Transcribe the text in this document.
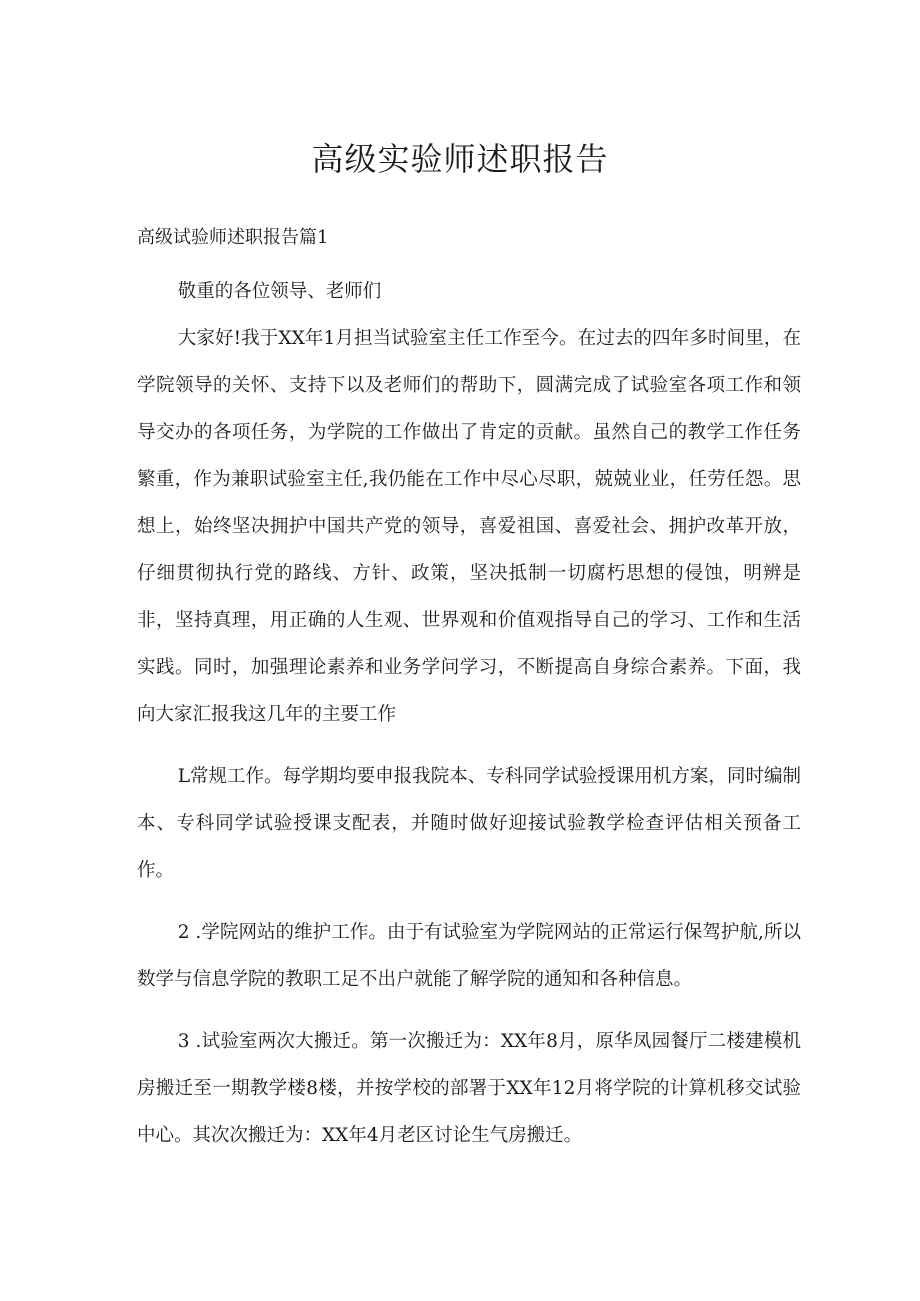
高级实验师述职报告
高级试验师述职报告篇1

敬重的各位领导、老师们

大家好!我于XX年1月担当试验室主任工作至今。在过去的四年多时间里，在学院领导的关怀、支持下以及老师们的帮助下，圆满完成了试验室各项工作和领导交办的各项任务，为学院的工作做出了肯定的贡献。虽然自己的教学工作任务繁重，作为兼职试验室主任,我仍能在工作中尽心尽职，兢兢业业，任劳任怨。思想上，始终坚决拥护中国共产党的领导，喜爱祖国、喜爱社会、拥护改革开放，仔细贯彻执行党的路线、方针、政策，坚决抵制一切腐朽思想的侵蚀，明辨是非，坚持真理，用正确的人生观、世界观和价值观指导自己的学习、工作和生活实践。同时，加强理论素养和业务学问学习，不断提高自身综合素养。下面，我向大家汇报我这几年的主要工作

L常规工作。每学期均要申报我院本、专科同学试验授课用机方案，同时编制本、专科同学试验授课支配表，并随时做好迎接试验教学检查评估相关预备工作。

2 .学院网站的维护工作。由于有试验室为学院网站的正常运行保驾护航,所以数学与信息学院的教职工足不出户就能了解学院的通知和各种信息。

3 .试验室两次大搬迁。第一次搬迁为：XX年8月，原华凤园餐厅二楼建模机房搬迁至一期教学楼8楼，并按学校的部署于XX年12月将学院的计算机移交试验中心。其次次搬迁为：XX年4月老区讨论生气房搬迁。
